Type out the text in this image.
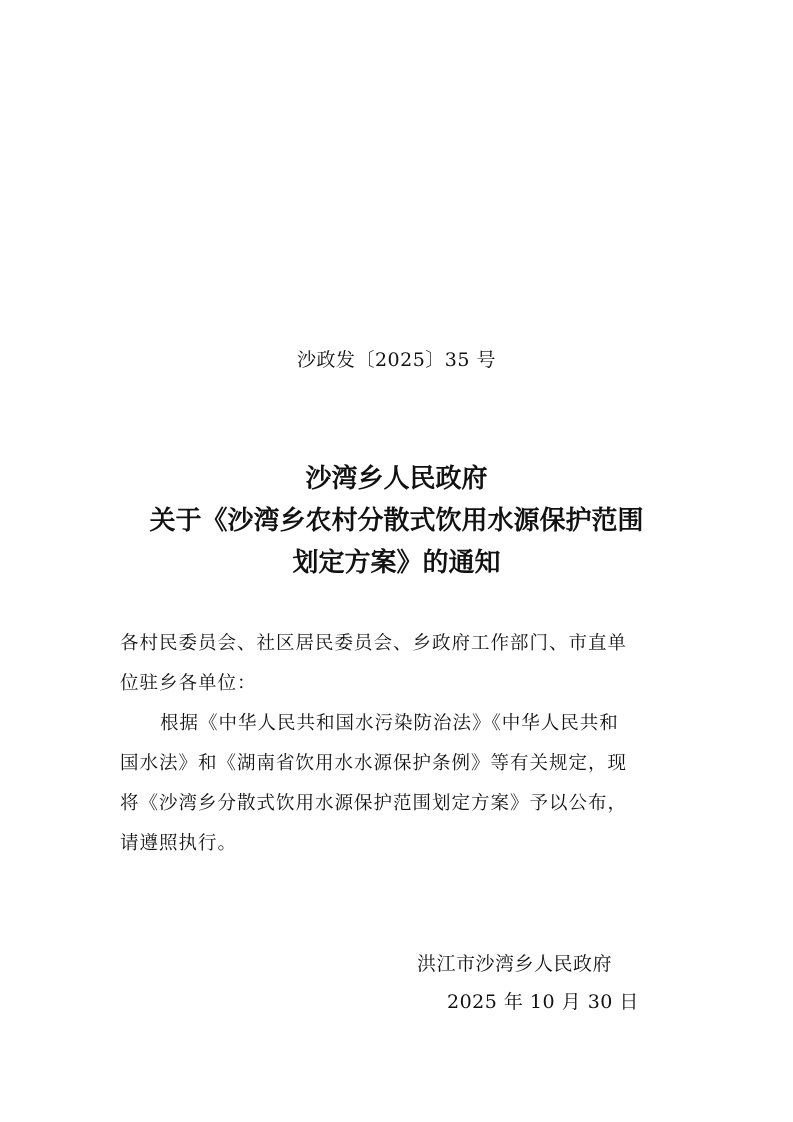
沙政发〔2025〕35 号
沙湾乡人民政府
关于《沙湾乡农村分散式饮用水源保护范围
划定方案》的通知
各村民委员会、社区居民委员会、乡政府工作部门、市直单
位驻乡各单位：
根据《中华人民共和国水污染防治法》《中华人民共和
国水法》和《湖南省饮用水水源保护条例》等有关规定，现
将《沙湾乡分散式饮用水源保护范围划定方案》予以公布，
请遵照执行。
洪江市沙湾乡人民政府
2025 年 10 月 30 日
